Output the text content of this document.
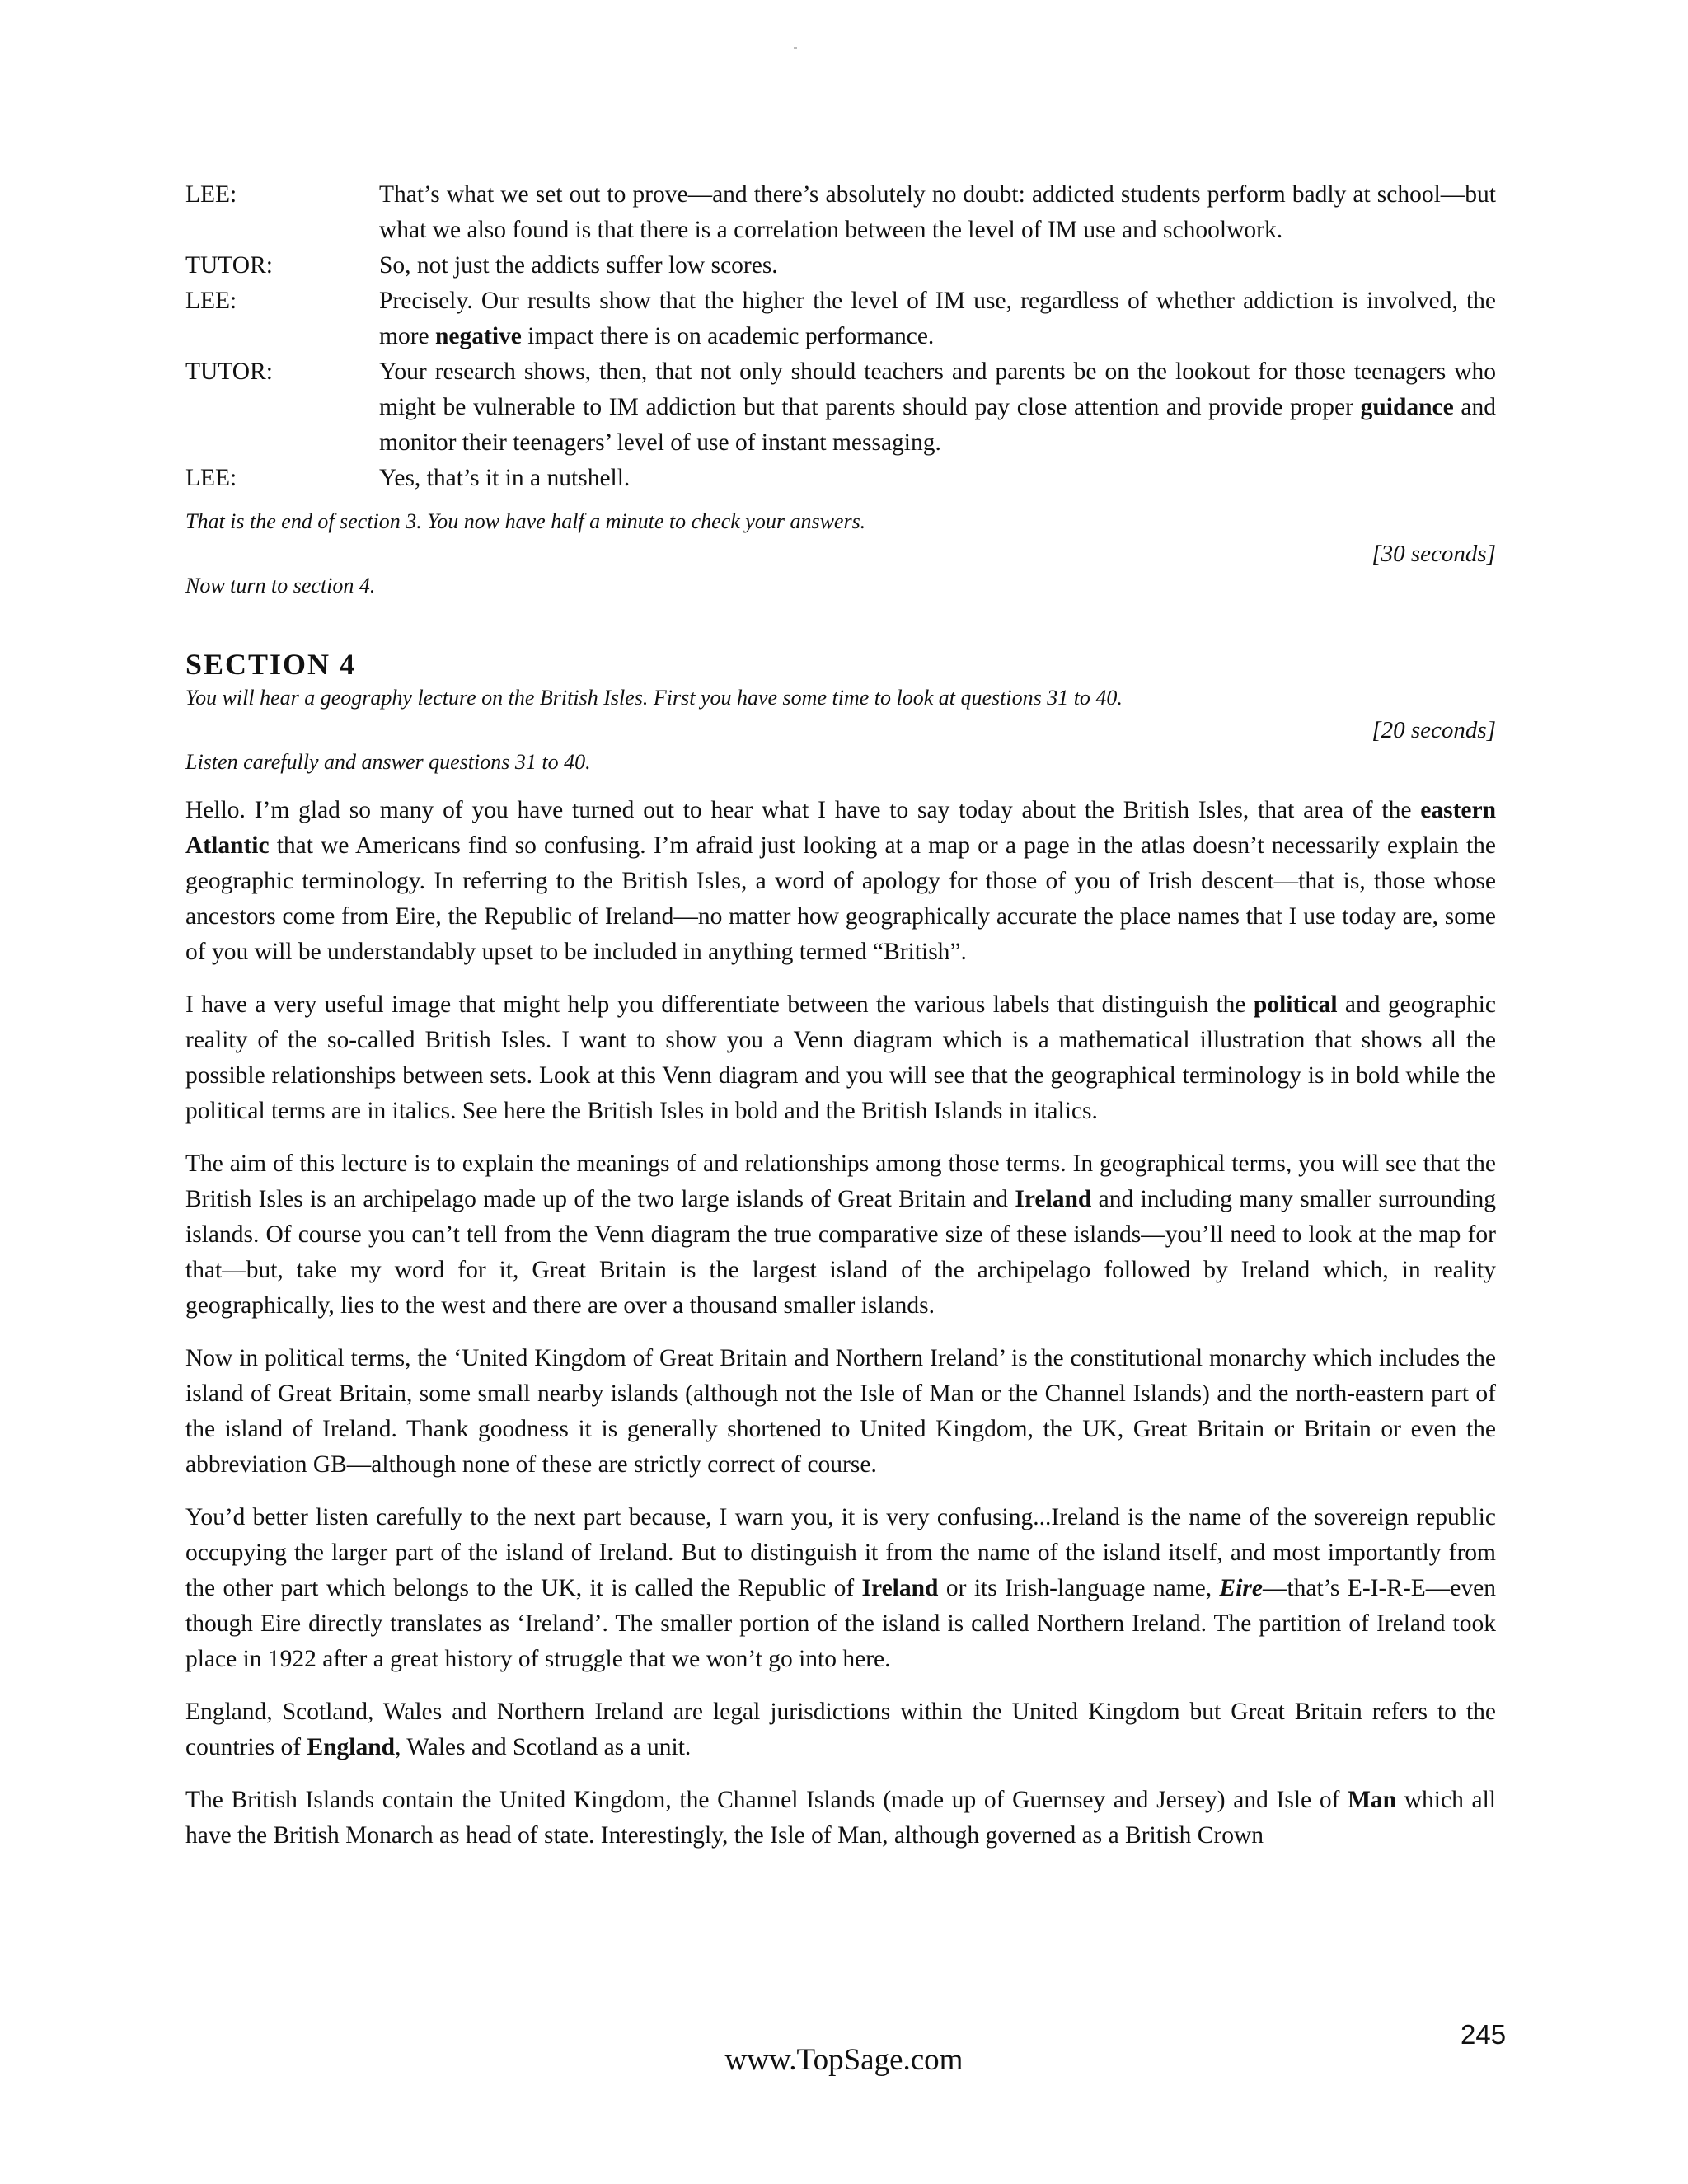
LEE:	That’s what we set out to prove—and there’s absolutely no doubt: addicted students perform badly at school—but what we also found is that there is a correlation between the level of IM use and schoolwork.
TUTOR:	So, not just the addicts suffer low scores.
LEE:	Precisely. Our results show that the higher the level of IM use, regardless of whether addiction is involved, the more negative impact there is on academic performance.
TUTOR:	Your research shows, then, that not only should teachers and parents be on the lookout for those teenagers who might be vulnerable to IM addiction but that parents should pay close attention and provide proper guidance and monitor their teenagers’ level of use of instant messaging.
LEE:	Yes, that’s it in a nutshell.
That is the end of section 3. You now have half a minute to check your answers.
[30 seconds]
Now turn to section 4.
SECTION 4
You will hear a geography lecture on the British Isles. First you have some time to look at questions 31 to 40.
[20 seconds]
Listen carefully and answer questions 31 to 40.

Hello. I’m glad so many of you have turned out to hear what I have to say today about the British Isles, that area of the eastern Atlantic that we Americans find so confusing. I’m afraid just looking at a map or a page in the atlas doesn’t necessarily explain the geographic terminology. In referring to the British Isles, a word of apology for those of you of Irish descent—that is, those whose ancestors come from Eire, the Republic of Ireland—no matter how geographically accurate the place names that I use today are, some of you will be understandably upset to be included in anything termed “British”.

I have a very useful image that might help you differentiate between the various labels that distinguish the political and geographic reality of the so-called British Isles. I want to show you a Venn diagram which is a mathematical illustration that shows all the possible relationships between sets. Look at this Venn diagram and you will see that the geographical terminology is in bold while the political terms are in italics. See here the British Isles in bold and the British Islands in italics.

The aim of this lecture is to explain the meanings of and relationships among those terms. In geographical terms, you will see that the British Isles is an archipelago made up of the two large islands of Great Britain and Ireland and including many smaller surrounding islands. Of course you can’t tell from the Venn diagram the true comparative size of these islands—you’ll need to look at the map for that—but, take my word for it, Great Britain is the largest island of the archipelago followed by Ireland which, in reality geographically, lies to the west and there are over a thousand smaller islands.

Now in political terms, the ‘United Kingdom of Great Britain and Northern Ireland’ is the constitutional monarchy which includes the island of Great Britain, some small nearby islands (although not the Isle of Man or the Channel Islands) and the north-eastern part of the island of Ireland. Thank goodness it is generally shortened to United Kingdom, the UK, Great Britain or Britain or even the abbreviation GB—although none of these are strictly correct of course.

You’d better listen carefully to the next part because, I warn you, it is very confusing...Ireland is the name of the sovereign republic occupying the larger part of the island of Ireland. But to distinguish it from the name of the island itself, and most importantly from the other part which belongs to the UK, it is called the Republic of Ireland or its Irish-language name, Eire—that’s E-I-R-E—even though Eire directly translates as ‘Ireland’. The smaller portion of the island is called Northern Ireland. The partition of Ireland took place in 1922 after a great history of struggle that we won’t go into here.

England, Scotland, Wales and Northern Ireland are legal jurisdictions within the United Kingdom but Great Britain refers to the countries of England, Wales and Scotland as a unit.

The British Islands contain the United Kingdom, the Channel Islands (made up of Guernsey and Jersey) and Isle of Man which all have the British Monarch as head of state. Interestingly, the Isle of Man, although governed as a British Crown

245
www.TopSage.com
